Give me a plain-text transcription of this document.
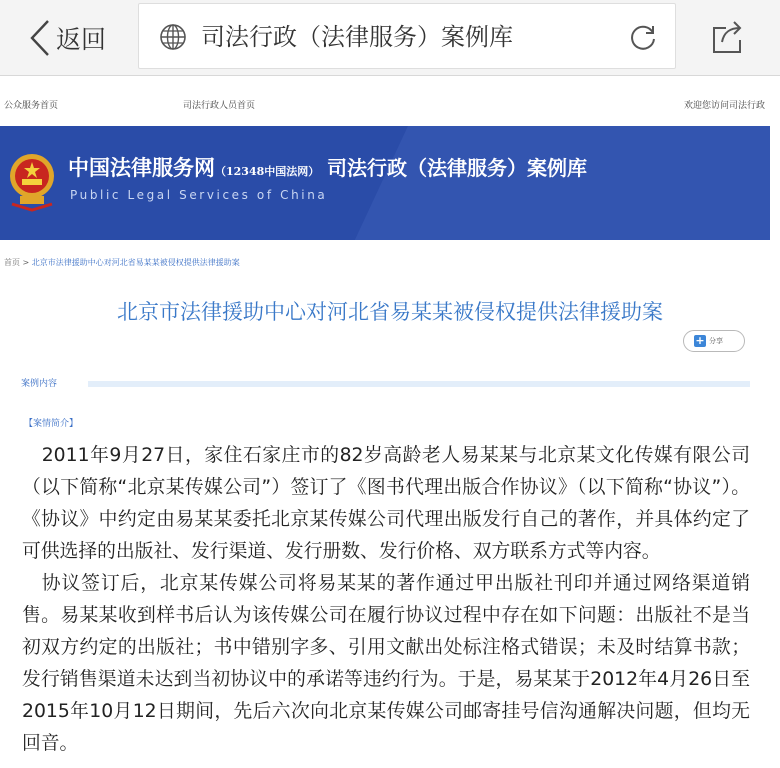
返回	司法行政（法律服务）案例库
公众服务首页	司法行政人员首页	欢迎您访问司法行政
中国法律服务网（12348中国法网）
Public Legal Services of China
司法行政（法律服务）案例库
首页 > 北京市法律援助中心对河北省易某某被侵权提供法律援助案
北京市法律援助中心对河北省易某某被侵权提供法律援助案
+ 分享
案例内容
【案情简介】

2011年9月27日，家住石家庄市的82岁高龄老人易某某与北京某文化传媒有限公司（以下简称“北京某传媒公司”）签订了《图书代理出版合作协议》（以下简称“协议”）。《协议》中约定由易某某委托北京某传媒公司代理出版发行自己的著作，并具体约定了可供选择的出版社、发行渠道、发行册数、发行价格、双方联系方式等内容。

协议签订后，北京某传媒公司将易某某的著作通过甲出版社刊印并通过网络渠道销售。易某某收到样书后认为该传媒公司在履行协议过程中存在如下问题：出版社不是当初双方约定的出版社；书中错别字多、引用文献出处标注格式错误；未及时结算书款；发行销售渠道未达到当初协议中的承诺等违约行为。于是，易某某于2012年4月26日至2015年10月12日期间，先后六次向北京某传媒公司邮寄挂号信沟通解决问题，但均无回音。
